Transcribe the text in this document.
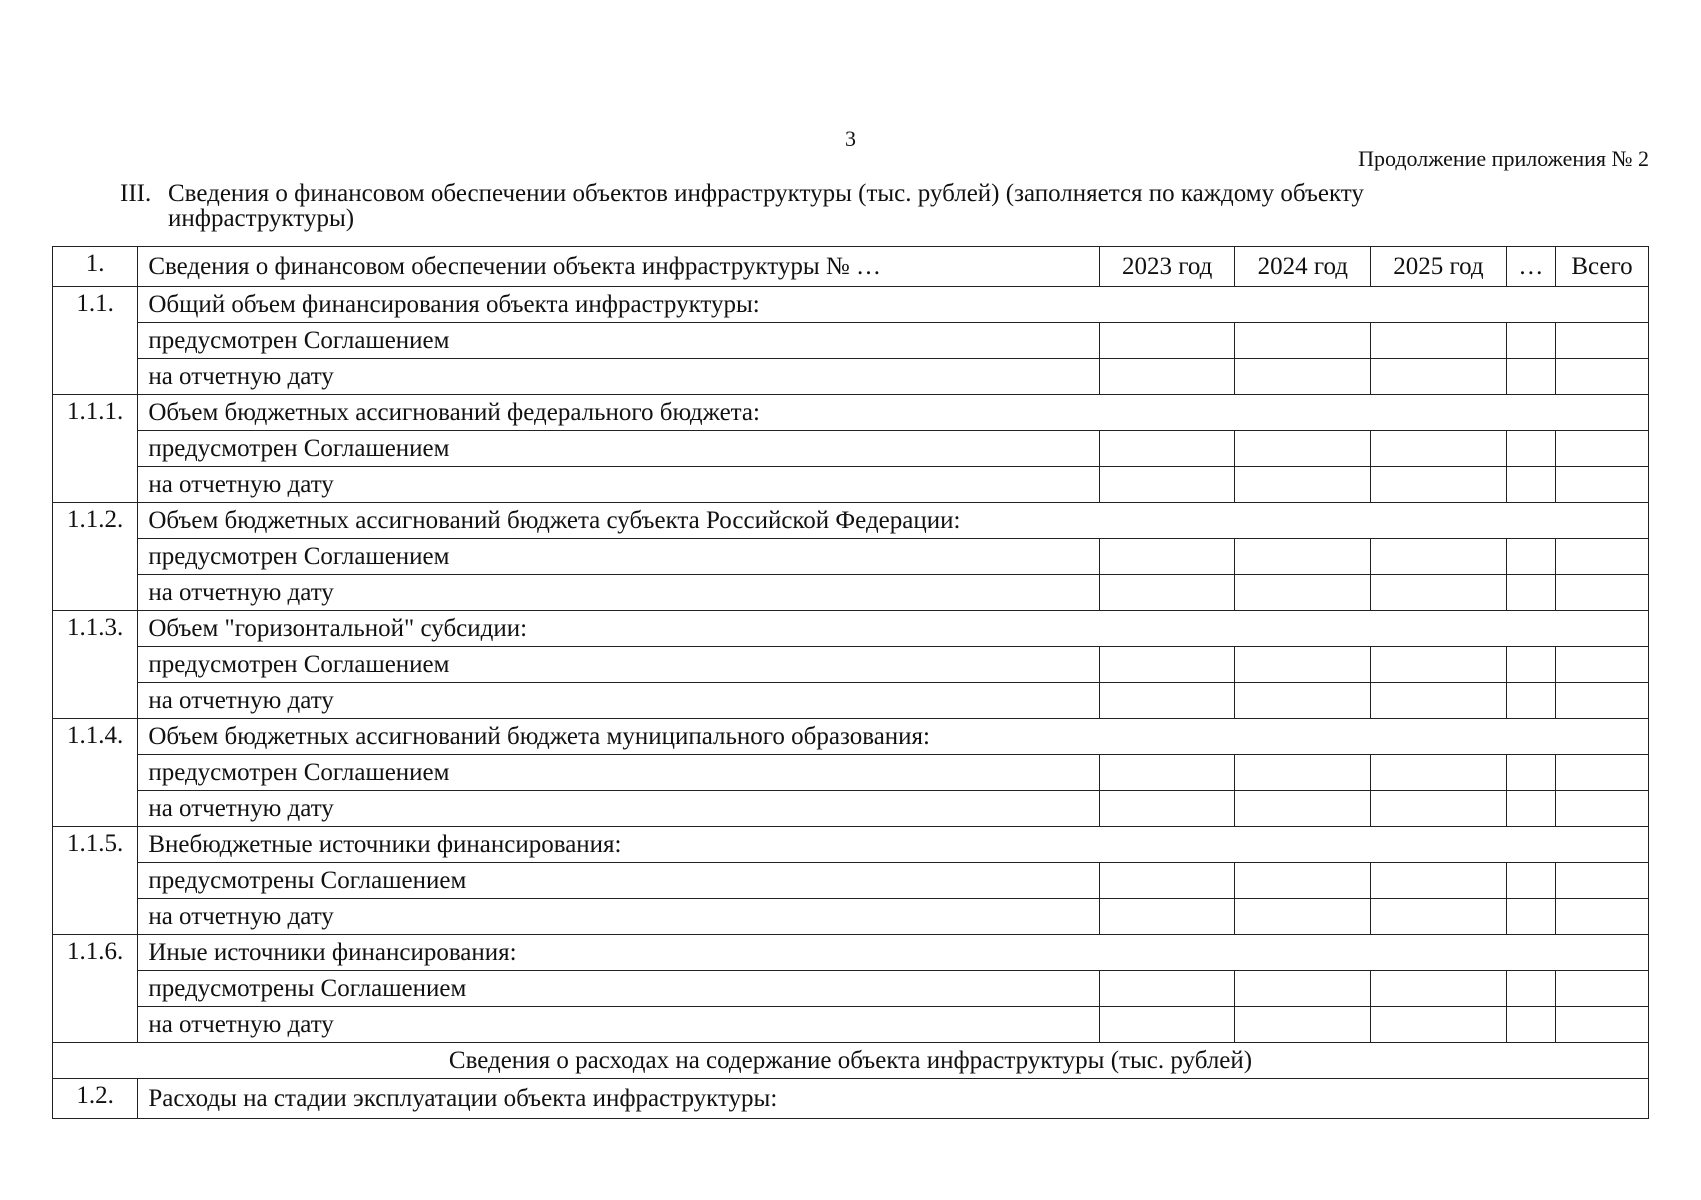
3
Продолжение приложения № 2
III. Сведения о финансовом обеспечении объектов инфраструктуры (тыс. рублей) (заполняется по каждому объекту
инфраструктуры)
1.	Сведения о финансовом обеспечении объекта инфраструктуры № …	2023 год	2024 год	2025 год	…	Всего
1.1.	Общий объем финансирования объекта инфраструктуры:					
	предусмотрен Соглашением					
	на отчетную дату					
1.1.1.	Объем бюджетных ассигнований федерального бюджета:					
	предусмотрен Соглашением					
	на отчетную дату					
1.1.2.	Объем бюджетных ассигнований бюджета субъекта Российской Федерации:					
	предусмотрен Соглашением					
	на отчетную дату					
1.1.3.	Объем "горизонтальной" субсидии:					
	предусмотрен Соглашением					
	на отчетную дату					
1.1.4.	Объем бюджетных ассигнований бюджета муниципального образования:					
	предусмотрен Соглашением					
	на отчетную дату					
1.1.5.	Внебюджетные источники финансирования:					
	предусмотрены Соглашением					
	на отчетную дату					
1.1.6.	Иные источники финансирования:					
	предусмотрены Соглашением					
	на отчетную дату					
Сведения о расходах на содержание объекта инфраструктуры (тыс. рублей)						
1.2.	Расходы на стадии эксплуатации объекта инфраструктуры:					
